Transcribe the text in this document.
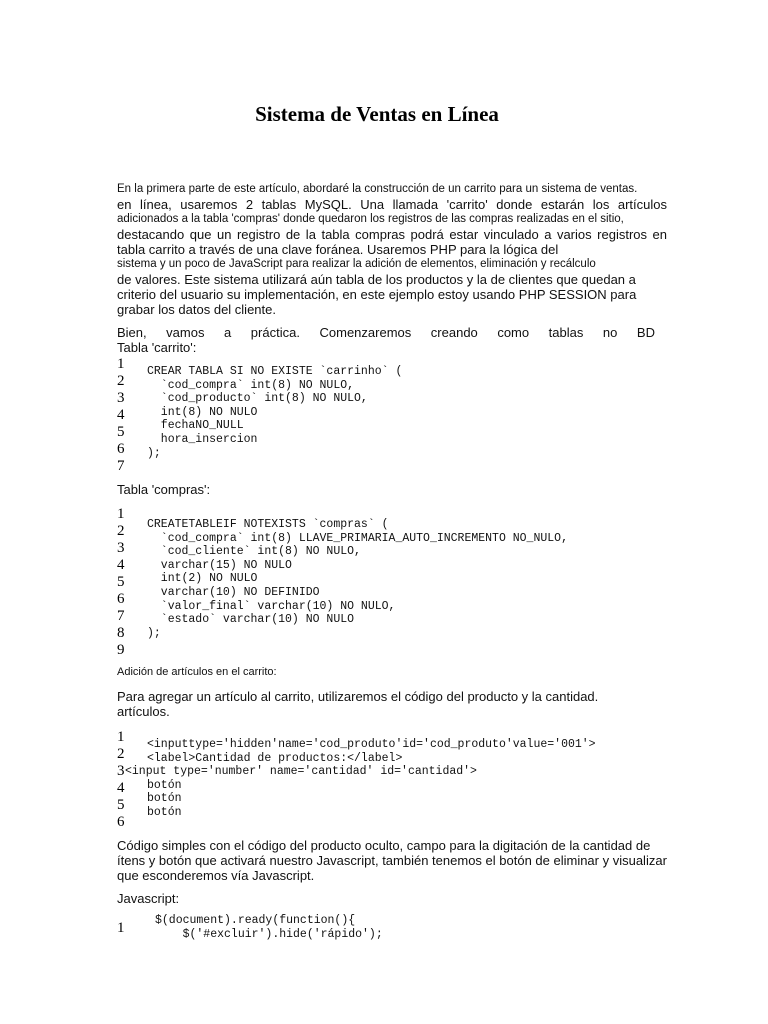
Sistema de Ventas en Línea
En la primera parte de este artículo, abordaré la construcción de un carrito para un sistema de ventas.
en línea, usaremos 2 tablas MySQL. Una llamada 'carrito' donde estarán los artículos
adicionados a la tabla 'compras' donde quedaron los registros de las compras realizadas en el sitio,
destacando que un registro de la tabla compras podrá estar vinculado a varios registros en
tabla carrito a través de una clave foránea. Usaremos PHP para la lógica del
sistema y un poco de JavaScript para realizar la adición de elementos, eliminación y recálculo
de valores. Este sistema utilizará aún tabla de los productos y la de clientes que quedan a
criterio del usuario su implementación, en este ejemplo estoy usando PHP SESSION para
grabar los datos del cliente.
Bien, vamos a práctica. Comenzaremos creando como tablas no BD
Tabla 'carrito':
1
2
3
4
5
6
7
CREAR TABLA SI NO EXISTE `carrinho` (
`cod_compra` int(8) NO NULO,
`cod_producto` int(8) NO NULO,
int(8) NO NULO
fechaNO_NULL
hora_insercion
);
Tabla 'compras':
1
2
3
4
5
6
7
8
9
CREATETABLEIF NOTEXISTS `compras` (
`cod_compra` int(8) LLAVE_PRIMARIA_AUTO_INCREMENTO NO_NULO,
`cod_cliente` int(8) NO NULO,
varchar(15) NO NULO
int(2) NO NULO
varchar(10) NO DEFINIDO
`valor_final` varchar(10) NO NULO,
`estado` varchar(10) NO NULO
);
Adición de artículos en el carrito:
Para agregar un artículo al carrito, utilizaremos el código del producto y la cantidad.
artículos.
1
2
3
4
5
6
<inputtype='hidden'name='cod_produto'id='cod_produto'value='001'>
<label>Cantidad de productos:</label>
<input type='number' name='cantidad' id='cantidad'>
botón
botón
botón
Código simples con el código del producto oculto, campo para la digitación de la cantidad de
ítens y botón que activará nuestro Javascript, también tenemos el botón de eliminar y visualizar
que esconderemos vía Javascript.
Javascript:
1	$(document).ready(function(){
$('#excluir').hide('rápido');
